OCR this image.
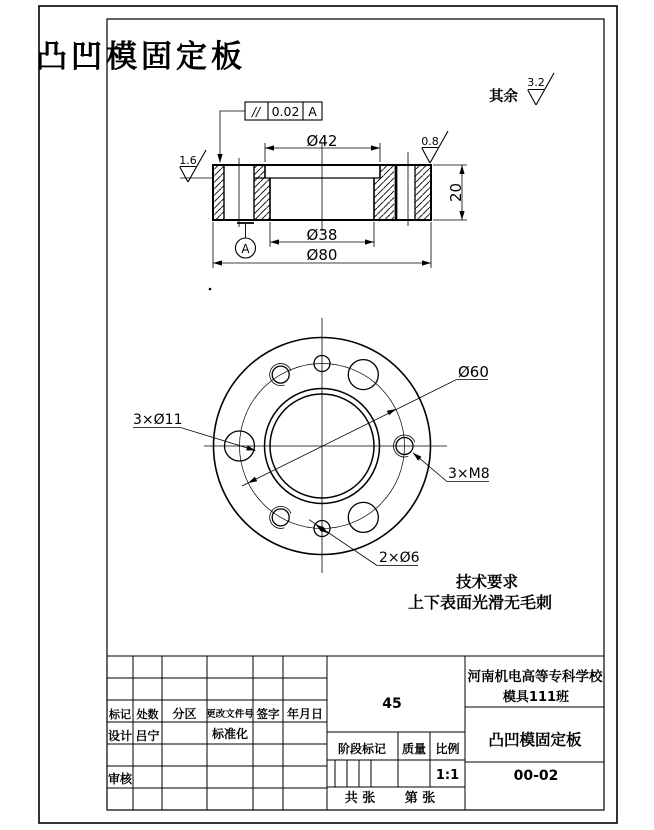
凸凹模固定板
其余
3.2
Ø42
Ø38
Ø80
20
// 0.02 A
A
1.6
0.8
Ø60
3×Ø11
3×M8
2×Ø6
技术要求
上下表面光滑无毛刺
标记 处数 分区 更改文件号 签字 年月日
设计 吕宁	标准化
审核
45
阶段标记 质量 比例
1:1
共 张 第 张
河南机电高等专科学校
模具111班
凸凹模固定板
00-02
